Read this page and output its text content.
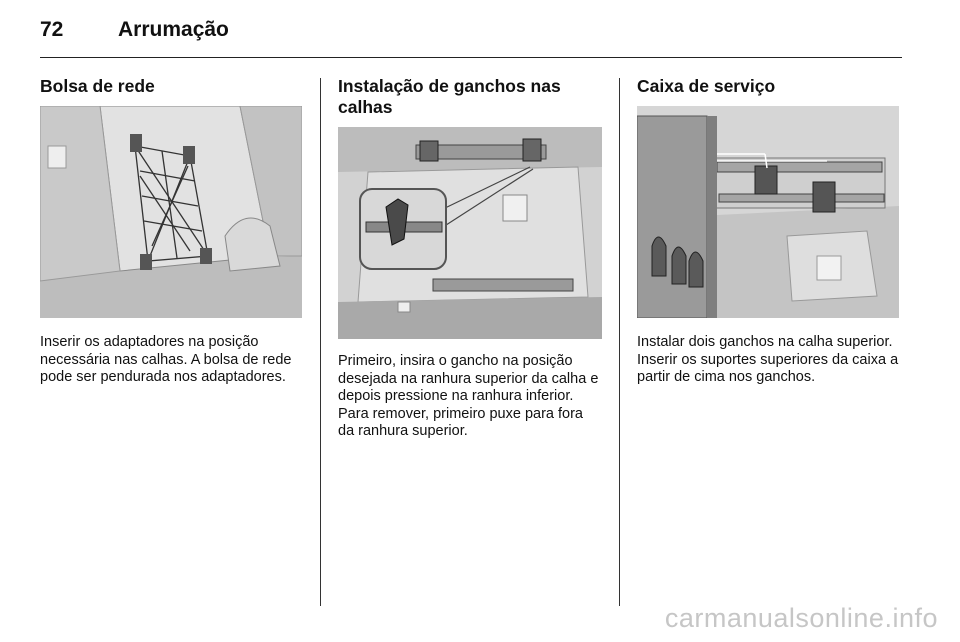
72	Arrumação
Bolsa de rede

Inserir os adaptadores na posição necessária nas calhas. A bolsa de rede pode ser pendurada nos adaptadores.

Instalação de ganchos nas calhas

Primeiro, insira o gancho na posição desejada na ranhura superior da calha e depois pressione na ranhura inferior. Para remover, primeiro puxe para fora da ranhura superior.

Caixa de serviço

Instalar dois ganchos na calha superior. Inserir os suportes superiores da caixa a partir de cima nos ganchos.

carmanualsonline.info
